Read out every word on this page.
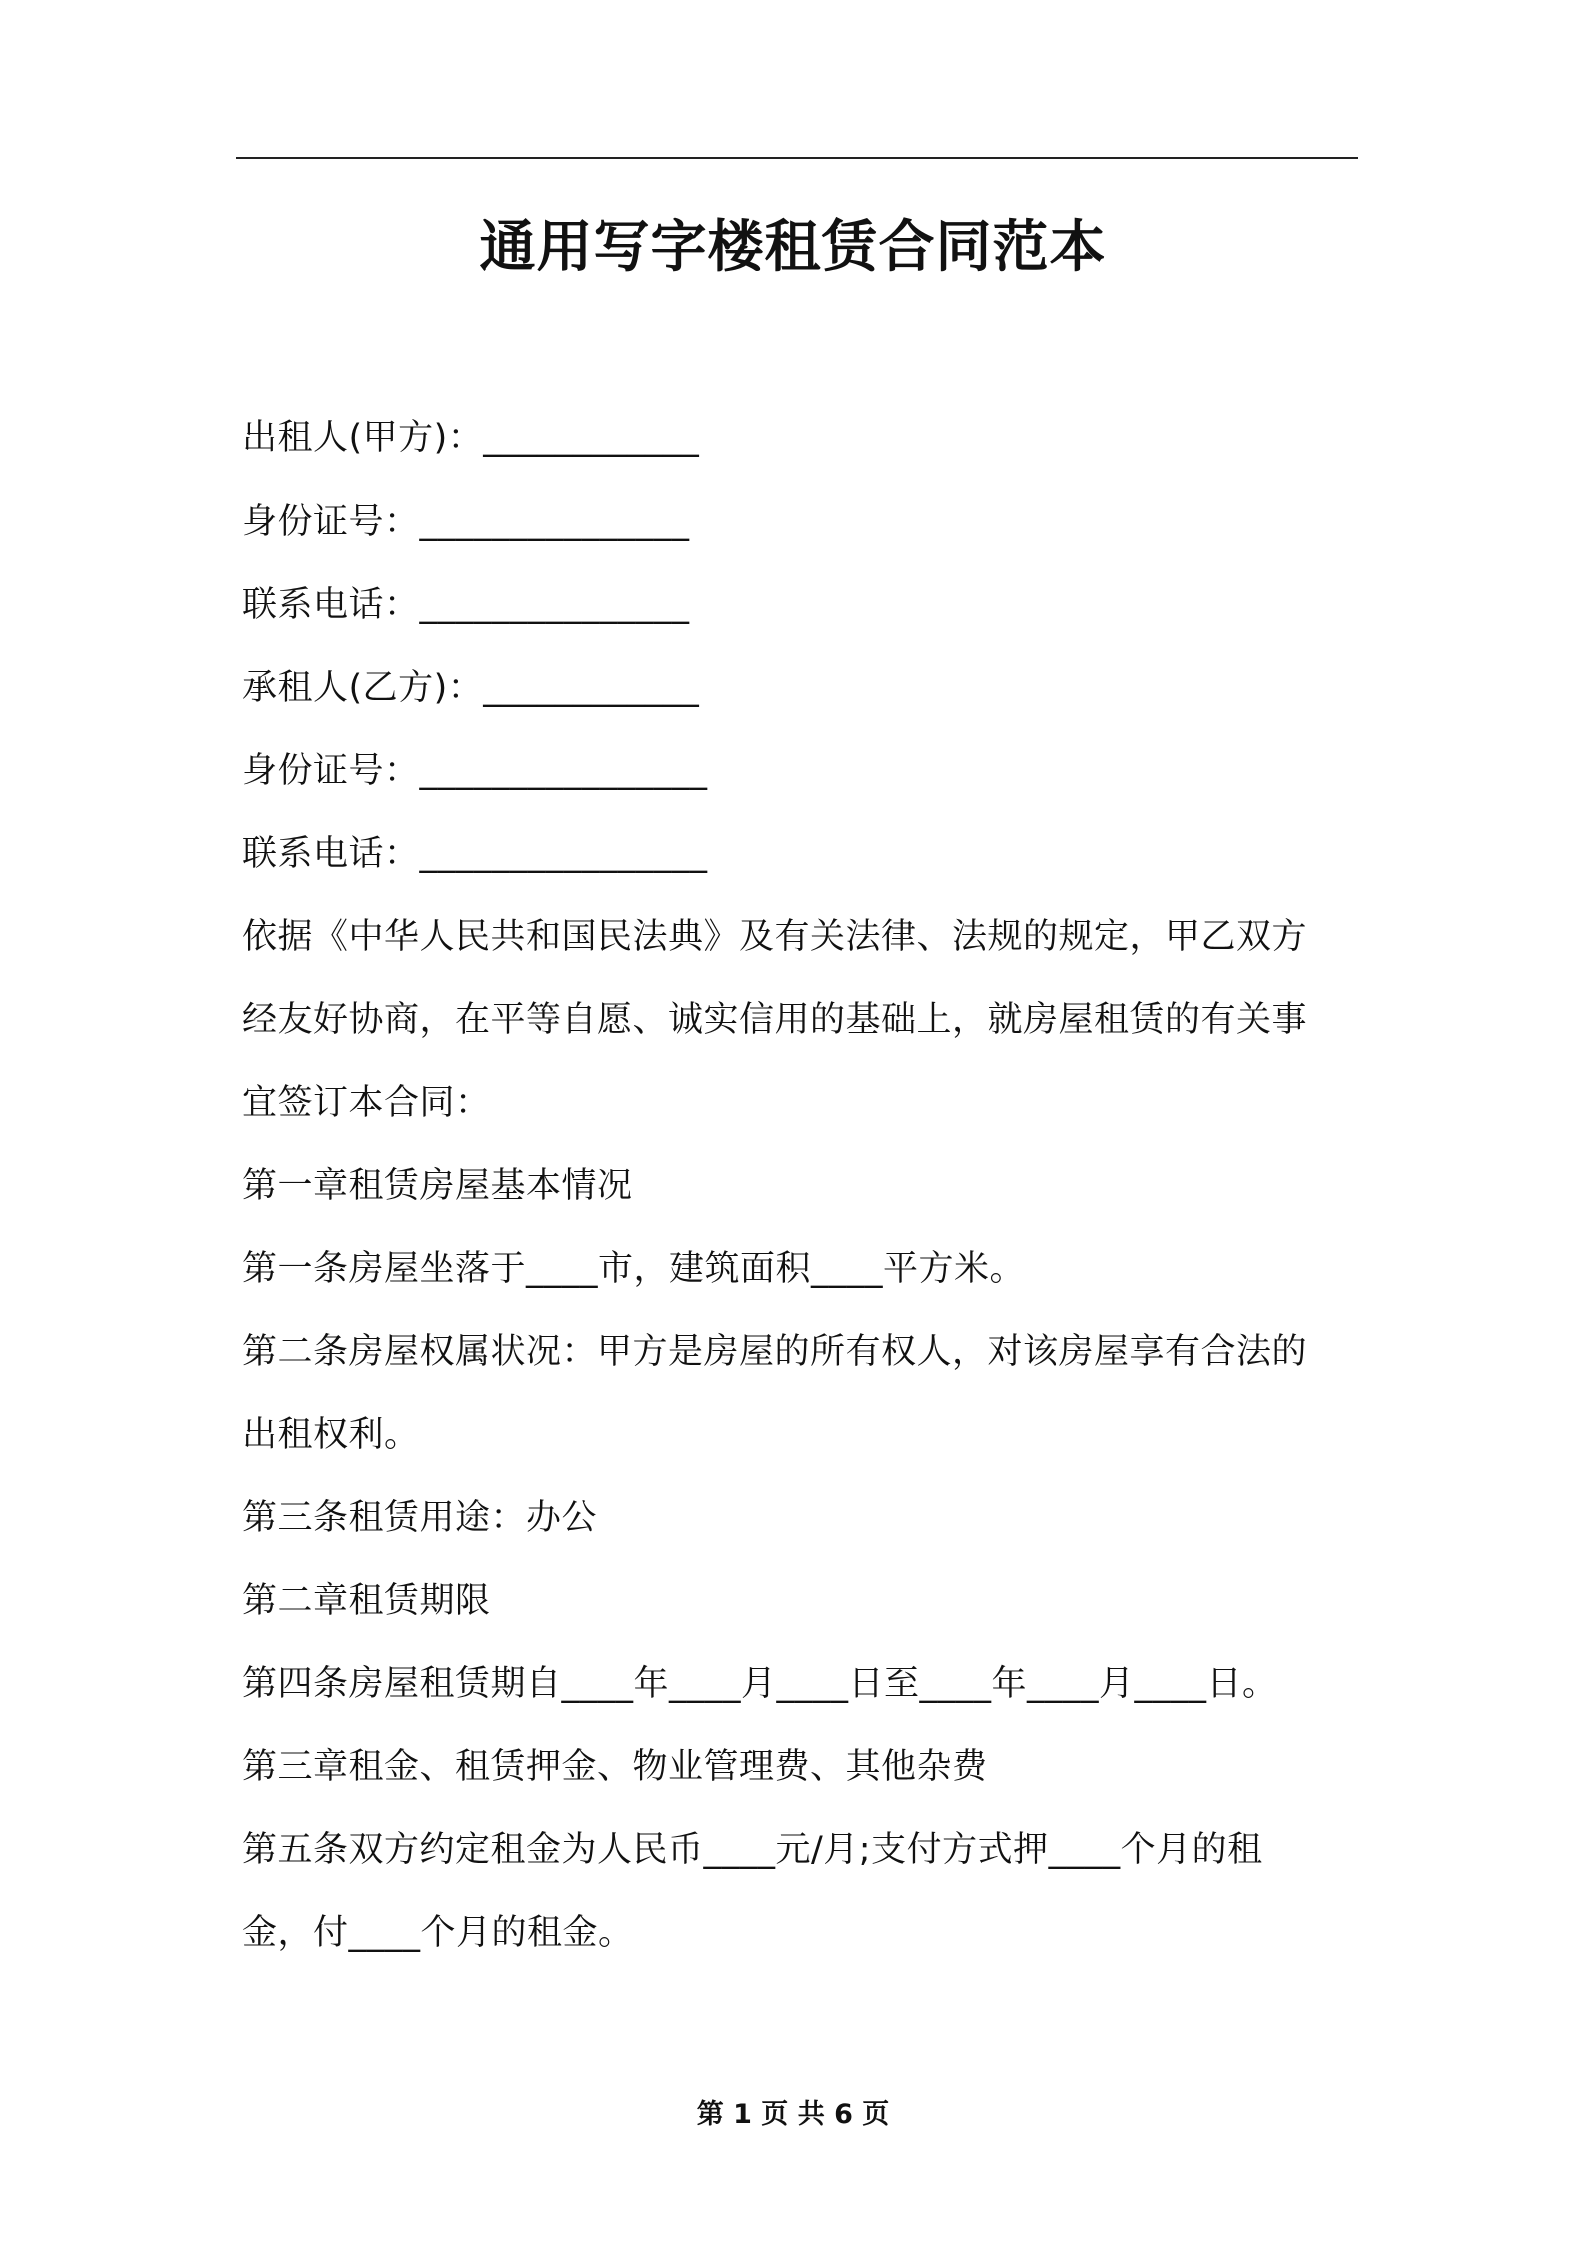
通用写字楼租赁合同范本
出租人(甲方)：____________
身份证号：_______________
联系电话：_______________
承租人(乙方)：____________
身份证号：________________
联系电话：________________
依据《中华人民共和国民法典》及有关法律、法规的规定，甲乙双方
经友好协商，在平等自愿、诚实信用的基础上，就房屋租赁的有关事
宜签订本合同：
第一章租赁房屋基本情况
第一条房屋坐落于____市，建筑面积____平方米。
第二条房屋权属状况：甲方是房屋的所有权人，对该房屋享有合法的
出租权利。
第三条租赁用途：办公
第二章租赁期限
第四条房屋租赁期自____年____月____日至____年____月____日。
第三章租金、租赁押金、物业管理费、其他杂费
第五条双方约定租金为人民币____元/月;支付方式押____个月的租
金，付____个月的租金。
第 1 页 共 6 页
